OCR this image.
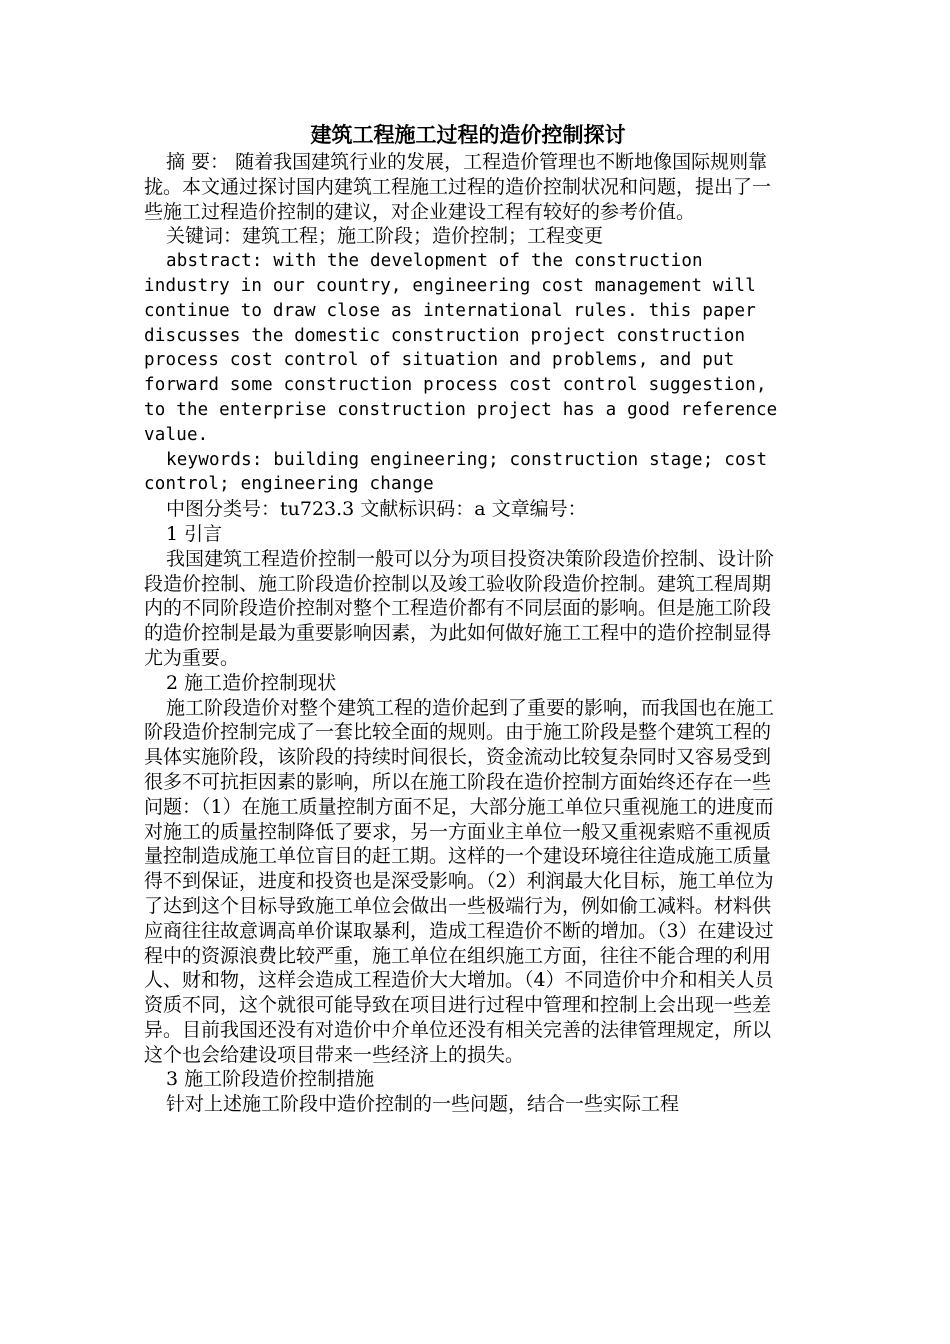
建筑工程施工过程的造价控制探讨

摘 要： 随着我国建筑行业的发展，工程造价管理也不断地像国际规则靠拢。本文通过探讨国内建筑工程施工过程的造价控制状况和问题，提出了一些施工过程造价控制的建议，对企业建设工程有较好的参考价值。

关键词：建筑工程；施工阶段；造价控制；工程变更

abstract: with the development of the construction industry in our country, engineering cost management will continue to draw close as international rules. this paper discusses the domestic construction project construction process cost control of situation and problems, and put forward some construction process cost control suggestion, to the enterprise construction project has a good reference value.

keywords: building engineering; construction stage; cost control; engineering change

中图分类号：tu723.3 文献标识码：a 文章编号：

1 引言

我国建筑工程造价控制一般可以分为项目投资决策阶段造价控制、设计阶段造价控制、施工阶段造价控制以及竣工验收阶段造价控制。建筑工程周期内的不同阶段造价控制对整个工程造价都有不同层面的影响。但是施工阶段的造价控制是最为重要影响因素，为此如何做好施工工程中的造价控制显得尤为重要。

2 施工造价控制现状

施工阶段造价对整个建筑工程的造价起到了重要的影响，而我国也在施工阶段造价控制完成了一套比较全面的规则。由于施工阶段是整个建筑工程的具体实施阶段，该阶段的持续时间很长，资金流动比较复杂同时又容易受到很多不可抗拒因素的影响，所以在施工阶段在造价控制方面始终还存在一些问题：（1）在施工质量控制方面不足，大部分施工单位只重视施工的进度而对施工的质量控制降低了要求，另一方面业主单位一般又重视索赔不重视质量控制造成施工单位盲目的赶工期。这样的一个建设环境往往造成施工质量得不到保证，进度和投资也是深受影响。（2）利润最大化目标，施工单位为了达到这个目标导致施工单位会做出一些极端行为，例如偷工减料。材料供应商往往故意调高单价谋取暴利，造成工程造价不断的增加。（3）在建设过程中的资源浪费比较严重，施工单位在组织施工方面，往往不能合理的利用人、财和物，这样会造成工程造价大大增加。（4）不同造价中介和相关人员资质不同，这个就很可能导致在项目进行过程中管理和控制上会出现一些差异。目前我国还没有对造价中介单位还没有相关完善的法律管理规定，所以这个也会给建设项目带来一些经济上的损失。

3 施工阶段造价控制措施

针对上述施工阶段中造价控制的一些问题，结合一些实际工程
